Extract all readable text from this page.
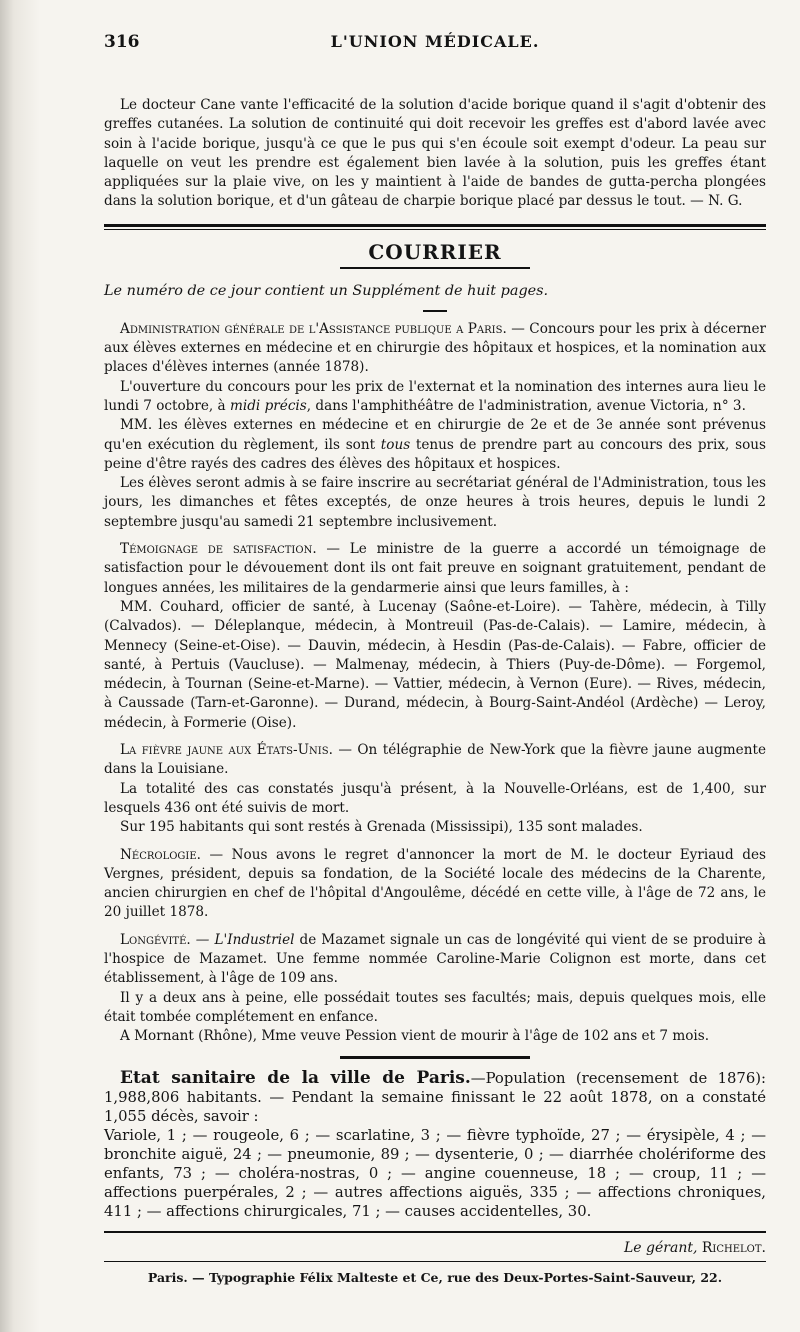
316	L'UNION MÉDICALE.

Le docteur Cane vante l'efficacité de la solution d'acide borique quand il s'agit d'obtenir des greffes cutanées. La solution de continuité qui doit recevoir les greffes est d'abord lavée avec soin à l'acide borique, jusqu'à ce que le pus qui s'en écoule soit exempt d'odeur. La peau sur laquelle on veut les prendre est également bien lavée à la solution, puis les greffes étant appliquées sur la plaie vive, on les y maintient à l'aide de bandes de gutta-percha plongées dans la solution borique, et d'un gâteau de charpie borique placé par dessus le tout. — N. G.

COURRIER

Le numéro de ce jour contient un Supplément de huit pages.

Administration générale de l'Assistance publique a Paris. — Concours pour les prix à décerner aux élèves externes en médecine et en chirurgie des hôpitaux et hospices, et la nomination aux places d'élèves internes (année 1878).

L'ouverture du concours pour les prix de l'externat et la nomination des internes aura lieu le lundi 7 octobre, à midi précis, dans l'amphithéâtre de l'administration, avenue Victoria, n° 3.

MM. les élèves externes en médecine et en chirurgie de 2e et de 3e année sont prévenus qu'en exécution du règlement, ils sont tous tenus de prendre part au concours des prix, sous peine d'être rayés des cadres des élèves des hôpitaux et hospices.

Les élèves seront admis à se faire inscrire au secrétariat général de l'Administration, tous les jours, les dimanches et fêtes exceptés, de onze heures à trois heures, depuis le lundi 2 septembre jusqu'au samedi 21 septembre inclusivement.

Témoignage de satisfaction. — Le ministre de la guerre a accordé un témoignage de satisfaction pour le dévouement dont ils ont fait preuve en soignant gratuitement, pendant de longues années, les militaires de la gendarmerie ainsi que leurs familles, à :

MM. Couhard, officier de santé, à Lucenay (Saône-et-Loire). — Tahère, médecin, à Tilly (Calvados). — Déleplanque, médecin, à Montreuil (Pas-de-Calais). — Lamire, médecin, à Mennecy (Seine-et-Oise). — Dauvin, médecin, à Hesdin (Pas-de-Calais). — Fabre, officier de santé, à Pertuis (Vaucluse). — Malmenay, médecin, à Thiers (Puy-de-Dôme). — Forgemol, médecin, à Tournan (Seine-et-Marne). — Vattier, médecin, à Vernon (Eure). — Rives, médecin, à Caussade (Tarn-et-Garonne). — Durand, médecin, à Bourg-Saint-Andéol (Ardèche) — Leroy, médecin, à Formerie (Oise).

La fièvre jaune aux États-Unis. — On télégraphie de New-York que la fièvre jaune augmente dans la Louisiane.

La totalité des cas constatés jusqu'à présent, à la Nouvelle-Orléans, est de 1,400, sur lesquels 436 ont été suivis de mort.

Sur 195 habitants qui sont restés à Grenada (Mississipi), 135 sont malades.

Nécrologie. — Nous avons le regret d'annoncer la mort de M. le docteur Eyriaud des Vergnes, président, depuis sa fondation, de la Société locale des médecins de la Charente, ancien chirurgien en chef de l'hôpital d'Angoulême, décédé en cette ville, à l'âge de 72 ans, le 20 juillet 1878.

Longévité. — L'Industriel de Mazamet signale un cas de longévité qui vient de se produire à l'hospice de Mazamet. Une femme nommée Caroline-Marie Colignon est morte, dans cet établissement, à l'âge de 109 ans.

Il y a deux ans à peine, elle possédait toutes ses facultés; mais, depuis quelques mois, elle était tombée complétement en enfance.

A Mornant (Rhône), Mme veuve Pession vient de mourir à l'âge de 102 ans et 7 mois.

Etat sanitaire de la ville de Paris.—Population (recensement de 1876): 1,988,806 habitants. — Pendant la semaine finissant le 22 août 1878, on a constaté 1,055 décès, savoir :

Variole, 1 ; — rougeole, 6 ; — scarlatine, 3 ; — fièvre typhoïde, 27 ; — érysipèle, 4 ; — bronchite aiguë, 24 ; — pneumonie, 89 ; — dysenterie, 0 ; — diarrhée cholériforme des enfants, 73 ; — choléra-nostras, 0 ; — angine couenneuse, 18 ; — croup, 11 ; — affections puerpérales, 2 ; — autres affections aiguës, 335 ; — affections chroniques, 411 ; — affections chirurgicales, 71 ; — causes accidentelles, 30.

Le gérant, Richelot.
Paris. — Typographie Félix Malteste et Ce, rue des Deux-Portes-Saint-Sauveur, 22.
